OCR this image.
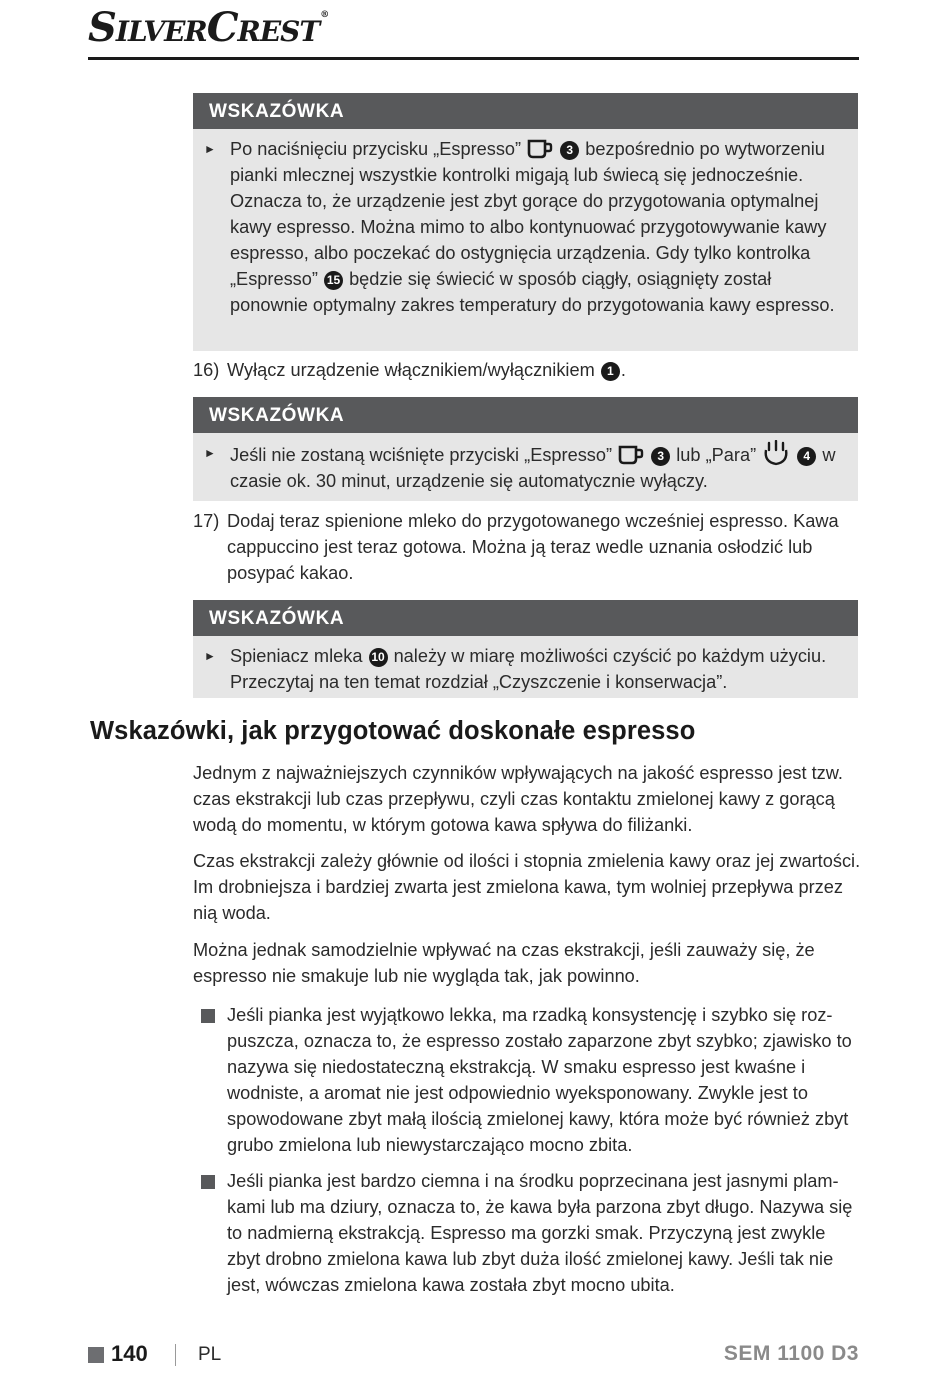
SILVERCREST®
WSKAZÓWKA
► Po naciśnięciu przycisku „Espresso”	3 bezpośrednio po wytworzeniu pianki mlecznej wszystkie kontrolki migają lub świecą się jednocześnie. Oznacza to, że urządzenie jest zbyt gorące do przygotowania optymalnej kawy espresso. Można mimo to albo kontynuować przygotowywanie kawy espresso, albo poczekać do ostygnięcia urządzenia. Gdy tylko kontrolka „Espresso” 15 będzie się świecić w sposób ciągły, osiągnięty został ponownie optymalny zakres temperatury do przygotowania kawy espresso.
16) Wyłącz urządzenie włącznikiem/wyłącznikiem 1 .
WSKAZÓWKA
► Jeśli nie zostaną wciśnięte przyciski „Espresso”	3 lub „Para”	4 w czasie ok. 30 minut, urządzenie się automatycznie wyłączy.
17) Dodaj teraz spienione mleko do przygotowanego wcześniej espresso. Kawa cappuccino jest teraz gotowa. Można ją teraz wedle uznania osłodzić lub posypać kakao.
WSKAZÓWKA
► Spieniacz mleka 10 należy w miarę możliwości czyścić po każdym użyciu. Przeczytaj na ten temat rozdział „Czyszczenie i konserwacja”.
Wskazówki, jak przygotować doskonałe espresso

Jednym z najważniejszych czynników wpływających na jakość espresso jest tzw. czas ekstrakcji lub czas przepływu, czyli czas kontaktu zmielonej kawy z gorącą wodą do momentu, w którym gotowa kawa spływa do filiżanki.

Czas ekstrakcji zależy głównie od ilości i stopnia zmielenia kawy oraz jej zwartości. Im drobniejsza i bardziej zwarta jest zmielona kawa, tym wolniej przepływa przez nią woda.

Można jednak samodzielnie wpływać na czas ekstrakcji, jeśli zauważy się, że espresso nie smakuje lub nie wygląda tak, jak powinno.

Jeśli pianka jest wyjątkowo lekka, ma rzadką konsystencję i szybko się roz-puszcza, oznacza to, że espresso zostało zaparzone zbyt szybko; zjawisko to nazywa się niedostateczną ekstrakcją. W smaku espresso jest kwaśne i wodniste, a aromat nie jest odpowiednio wyeksponowany. Zwykle jest to spowodowane zbyt małą ilością zmielonej kawy, która może być również zbyt grubo zmielona lub niewystarczająco mocno zbita.
Jeśli pianka jest bardzo ciemna i na środku poprzecinana jest jasnymi plam-kami lub ma dziury, oznacza to, że kawa była parzona zbyt długo. Nazywa się to nadmierną ekstrakcją. Espresso ma gorzki smak. Przyczyną jest zwykle zbyt drobno zmielona kawa lub zbyt duża ilość zmielonej kawy. Jeśli tak nie jest, wówczas zmielona kawa została zbyt mocno ubita.
140	PL	SEM 1100 D3
